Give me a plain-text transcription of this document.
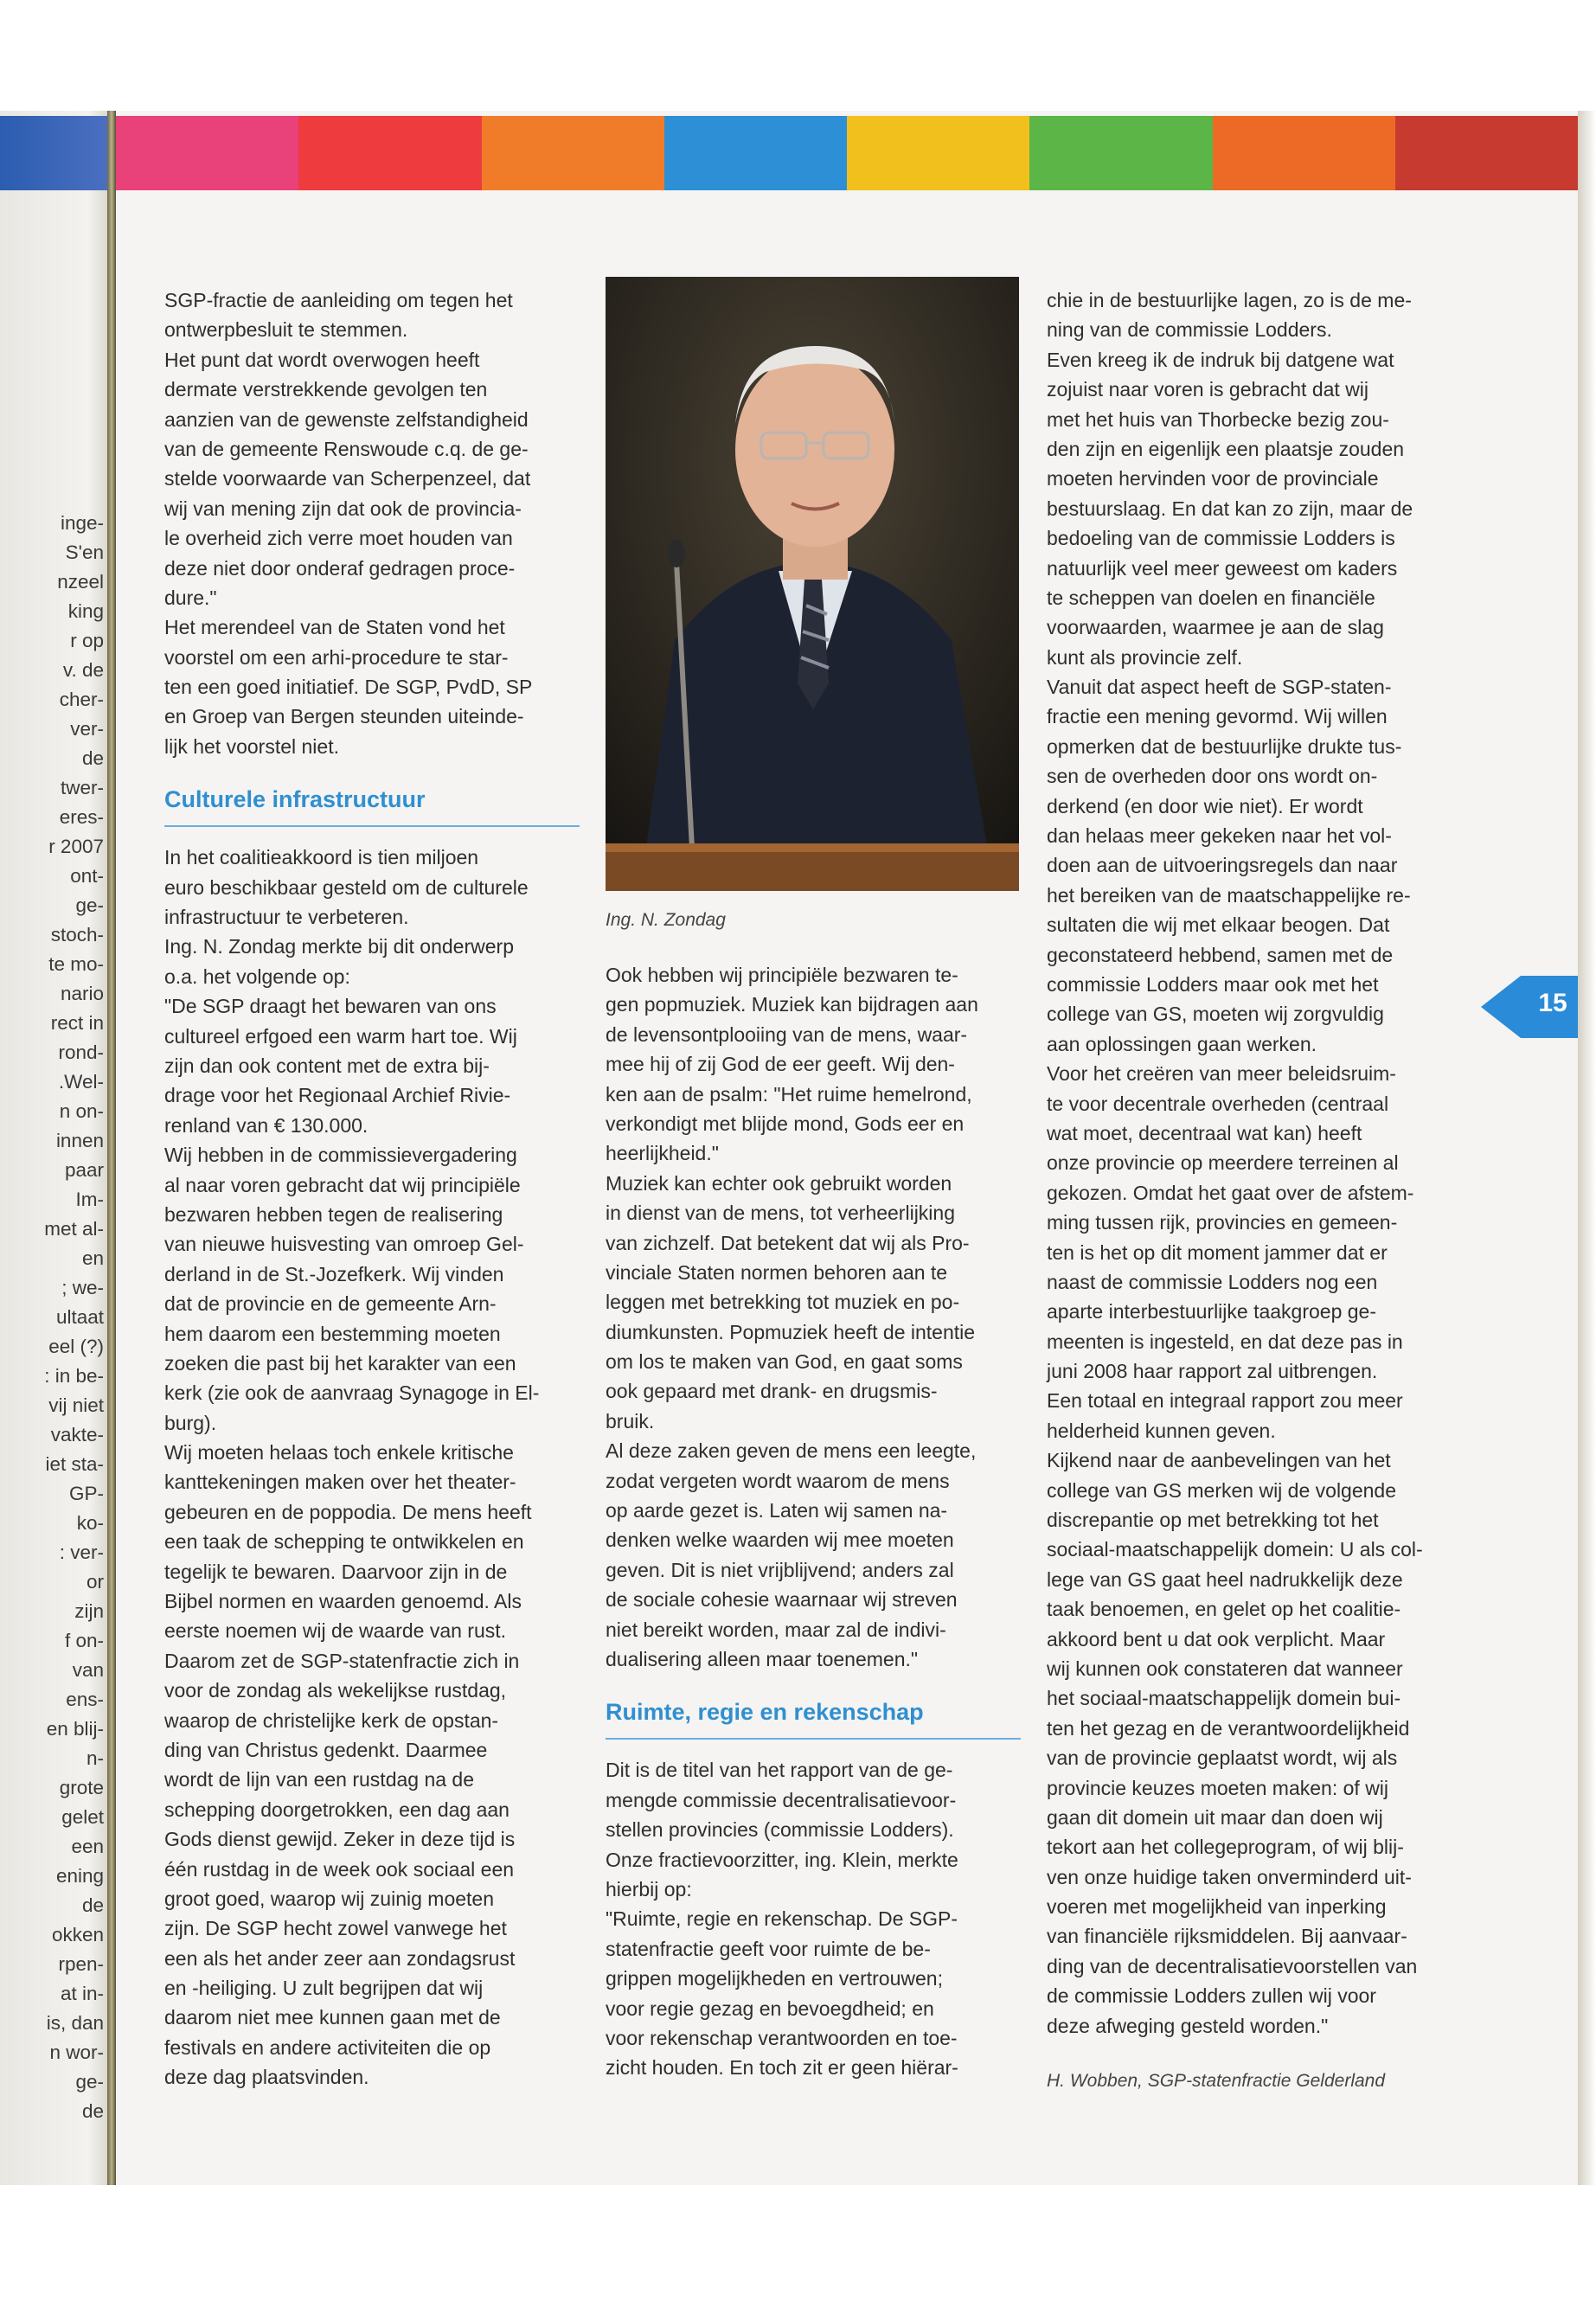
inge-
S'en
nzeel
king
r op
v. de
cher-
ver-
de
twer-
eres-
r 2007
ont-
ge-
stoch-
te mo-
nario
rect in
rond-
.Wel-
n on-
innen
paar
Im-
met al-
en
; we-
ultaat
eel (?)
: in be-
vij niet
vakte-
iet sta-
GP-
ko-
: ver-
or
zijn
f on-
van
ens-
en blij-
n-
grote
gelet
een
ening
de
okken
rpen-
at in-
is, dan
n wor-
ge-
de
SGP-fractie de aanleiding om tegen het
ontwerpbesluit te stemmen.
Het punt dat wordt overwogen heeft
dermate verstrekkende gevolgen ten
aanzien van de gewenste zelfstandigheid
van de gemeente Renswoude c.q. de ge-
stelde voorwaarde van Scherpenzeel, dat
wij van mening zijn dat ook de provincia-
le overheid zich verre moet houden van
deze niet door onderaf gedragen proce-
dure."
Het merendeel van de Staten vond het
voorstel om een arhi-procedure te star-
ten een goed initiatief. De SGP, PvdD, SP
en Groep van Bergen steunden uiteinde-
lijk het voorstel niet.
Culturele infrastructuur
In het coalitieakkoord is tien miljoen
euro beschikbaar gesteld om de culturele
infrastructuur te verbeteren.
Ing. N. Zondag merkte bij dit onderwerp
o.a. het volgende op:
"De SGP draagt het bewaren van ons
cultureel erfgoed een warm hart toe. Wij
zijn dan ook content met de extra bij-
drage voor het Regionaal Archief Rivie-
renland van € 130.000.
Wij hebben in de commissievergadering
al naar voren gebracht dat wij principiële
bezwaren hebben tegen de realisering
van nieuwe huisvesting van omroep Gel-
derland in de St.-Jozefkerk. Wij vinden
dat de provincie en de gemeente Arn-
hem daarom een bestemming moeten
zoeken die past bij het karakter van een
kerk (zie ook de aanvraag Synagoge in El-
burg).
Wij moeten helaas toch enkele kritische
kanttekeningen maken over het theater-
gebeuren en de poppodia. De mens heeft
een taak de schepping te ontwikkelen en
tegelijk te bewaren. Daarvoor zijn in de
Bijbel normen en waarden genoemd. Als
eerste noemen wij de waarde van rust.
Daarom zet de SGP-statenfractie zich in
voor de zondag als wekelijkse rustdag,
waarop de christelijke kerk de opstan-
ding van Christus gedenkt. Daarmee
wordt de lijn van een rustdag na de
schepping doorgetrokken, een dag aan
Gods dienst gewijd. Zeker in deze tijd is
één rustdag in de week ook sociaal een
groot goed, waarop wij zuinig moeten
zijn. De SGP hecht zowel vanwege het
een als het ander zeer aan zondagsrust
en -heiliging. U zult begrijpen dat wij
daarom niet mee kunnen gaan met de
festivals en andere activiteiten die op
deze dag plaatsvinden.
Ing. N. Zondag
Ook hebben wij principiële bezwaren te-
gen popmuziek. Muziek kan bijdragen aan
de levensontplooiing van de mens, waar-
mee hij of zij God de eer geeft. Wij den-
ken aan de psalm: "Het ruime hemelrond,
verkondigt met blijde mond, Gods eer en
heerlijkheid."
Muziek kan echter ook gebruikt worden
in dienst van de mens, tot verheerlijking
van zichzelf. Dat betekent dat wij als Pro-
vinciale Staten normen behoren aan te
leggen met betrekking tot muziek en po-
diumkunsten. Popmuziek heeft de intentie
om los te maken van God, en gaat soms
ook gepaard met drank- en drugsmis-
bruik.
Al deze zaken geven de mens een leegte,
zodat vergeten wordt waarom de mens
op aarde gezet is. Laten wij samen na-
denken welke waarden wij mee moeten
geven. Dit is niet vrijblijvend; anders zal
de sociale cohesie waarnaar wij streven
niet bereikt worden, maar zal de indivi-
dualisering alleen maar toenemen."
Ruimte, regie en rekenschap
Dit is de titel van het rapport van de ge-
mengde commissie decentralisatievoor-
stellen provincies (commissie Lodders).
Onze fractievoorzitter, ing. Klein, merkte
hierbij op:
"Ruimte, regie en rekenschap. De SGP-
statenfractie geeft voor ruimte de be-
grippen mogelijkheden en vertrouwen;
voor regie gezag en bevoegdheid; en
voor rekenschap verantwoorden en toe-
zicht houden. En toch zit er geen hiërar-
chie in de bestuurlijke lagen, zo is de me-
ning van de commissie Lodders.
Even kreeg ik de indruk bij datgene wat
zojuist naar voren is gebracht dat wij
met het huis van Thorbecke bezig zou-
den zijn en eigenlijk een plaatsje zouden
moeten hervinden voor de provinciale
bestuurslaag. En dat kan zo zijn, maar de
bedoeling van de commissie Lodders is
natuurlijk veel meer geweest om kaders
te scheppen van doelen en financiële
voorwaarden, waarmee je aan de slag
kunt als provincie zelf.
Vanuit dat aspect heeft de SGP-staten-
fractie een mening gevormd. Wij willen
opmerken dat de bestuurlijke drukte tus-
sen de overheden door ons wordt on-
derkend (en door wie niet). Er wordt
dan helaas meer gekeken naar het vol-
doen aan de uitvoeringsregels dan naar
het bereiken van de maatschappelijke re-
sultaten die wij met elkaar beogen. Dat
geconstateerd hebbend, samen met de
commissie Lodders maar ook met het
college van GS, moeten wij zorgvuldig
aan oplossingen gaan werken.
Voor het creëren van meer beleidsruim-
te voor decentrale overheden (centraal
wat moet, decentraal wat kan) heeft
onze provincie op meerdere terreinen al
gekozen. Omdat het gaat over de afstem-
ming tussen rijk, provincies en gemeen-
ten is het op dit moment jammer dat er
naast de commissie Lodders nog een
aparte interbestuurlijke taakgroep ge-
meenten is ingesteld, en dat deze pas in
juni 2008 haar rapport zal uitbrengen.
Een totaal en integraal rapport zou meer
helderheid kunnen geven.
Kijkend naar de aanbevelingen van het
college van GS merken wij de volgende
discrepantie op met betrekking tot het
sociaal-maatschappelijk domein: U als col-
lege van GS gaat heel nadrukkelijk deze
taak benoemen, en gelet op het coalitie-
akkoord bent u dat ook verplicht. Maar
wij kunnen ook constateren dat wanneer
het sociaal-maatschappelijk domein bui-
ten het gezag en de verantwoordelijkheid
van de provincie geplaatst wordt, wij als
provincie keuzes moeten maken: of wij
gaan dit domein uit maar dan doen wij
tekort aan het collegeprogram, of wij blij-
ven onze huidige taken onverminderd uit-
voeren met mogelijkheid van inperking
van financiële rijksmiddelen. Bij aanvaar-
ding van de decentralisatievoorstellen van
de commissie Lodders zullen wij voor
deze afweging gesteld worden."
H. Wobben, SGP-statenfractie Gelderland
15
